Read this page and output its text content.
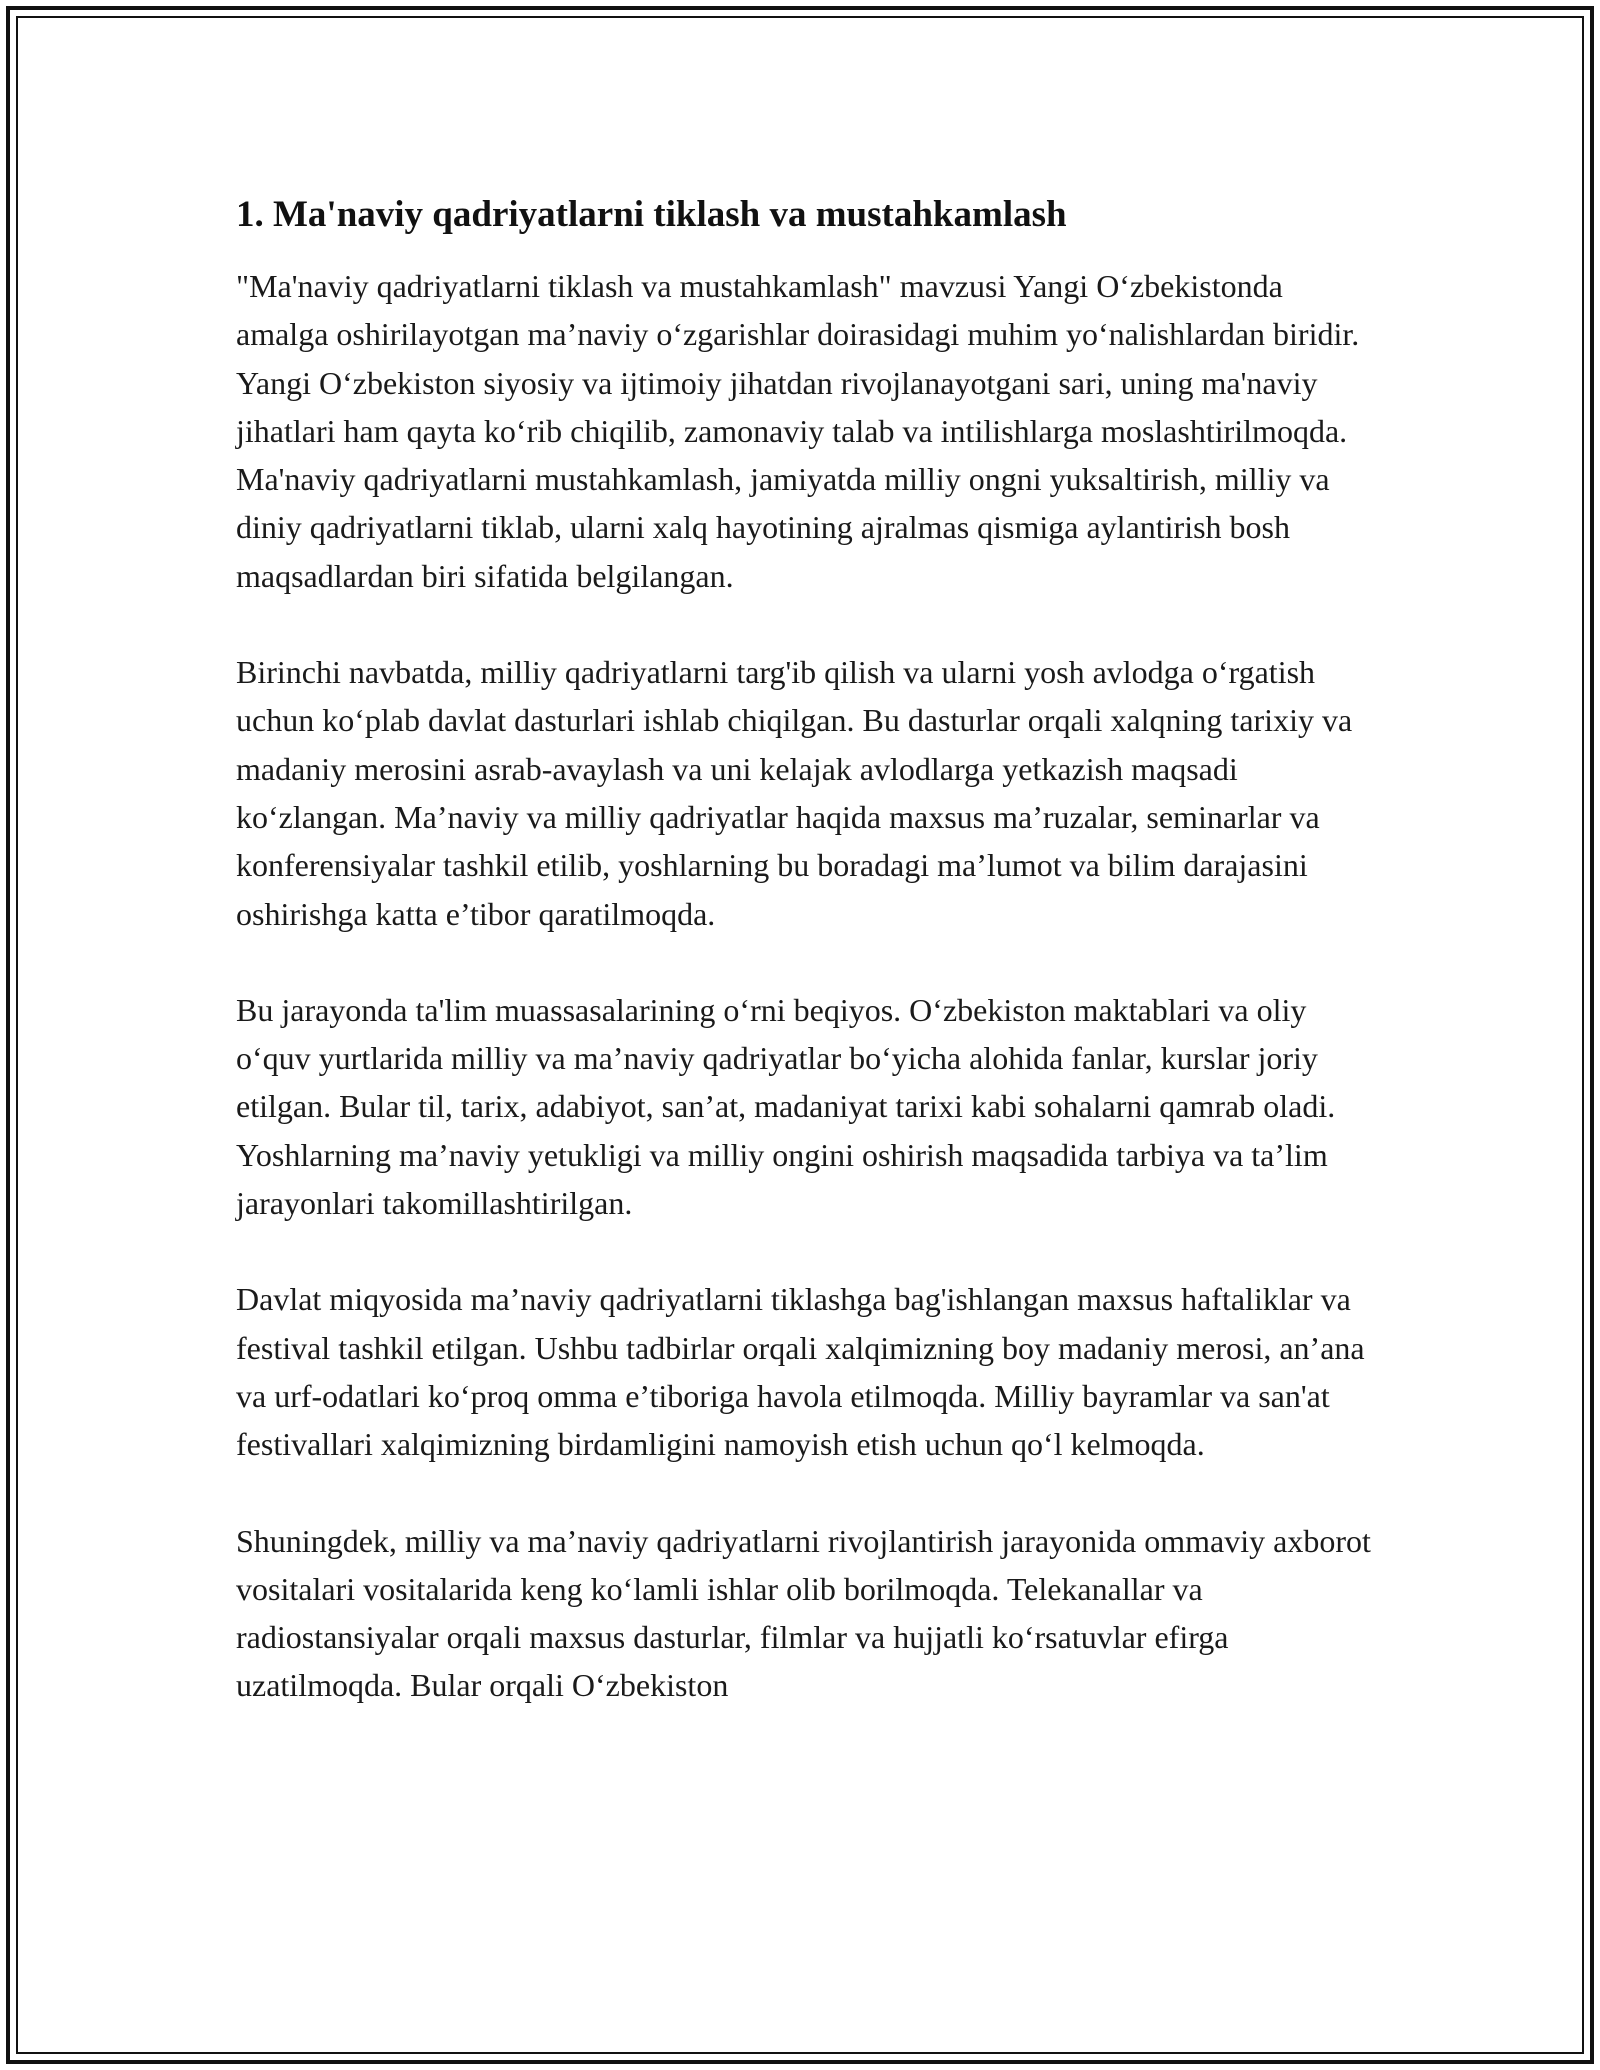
1. Ma'naviy qadriyatlarni tiklash va mustahkamlash

"Ma'naviy qadriyatlarni tiklash va mustahkamlash" mavzusi Yangi O‘zbekistonda amalga oshirilayotgan ma’naviy o‘zgarishlar doirasidagi muhim yo‘nalishlardan biridir. Yangi O‘zbekiston siyosiy va ijtimoiy jihatdan rivojlanayotgani sari, uning ma'naviy jihatlari ham qayta ko‘rib chiqilib, zamonaviy talab va intilishlarga moslashtirilmoqda. Ma'naviy qadriyatlarni mustahkamlash, jamiyatda milliy ongni yuksaltirish, milliy va diniy qadriyatlarni tiklab, ularni xalq hayotining ajralmas qismiga aylantirish bosh maqsadlardan biri sifatida belgilangan.

Birinchi navbatda, milliy qadriyatlarni targ'ib qilish va ularni yosh avlodga o‘rgatish uchun ko‘plab davlat dasturlari ishlab chiqilgan. Bu dasturlar orqali xalqning tarixiy va madaniy merosini asrab-avaylash va uni kelajak avlodlarga yetkazish maqsadi ko‘zlangan. Ma’naviy va milliy qadriyatlar haqida maxsus ma’ruzalar, seminarlar va konferensiyalar tashkil etilib, yoshlarning bu boradagi ma’lumot va bilim darajasini oshirishga katta e’tibor qaratilmoqda.

Bu jarayonda ta'lim muassasalarining o‘rni beqiyos. O‘zbekiston maktablari va oliy o‘quv yurtlarida milliy va ma’naviy qadriyatlar bo‘yicha alohida fanlar, kurslar joriy etilgan. Bular til, tarix, adabiyot, san’at, madaniyat tarixi kabi sohalarni qamrab oladi. Yoshlarning ma’naviy yetukligi va milliy ongini oshirish maqsadida tarbiya va ta’lim jarayonlari takomillashtirilgan.

Davlat miqyosida ma’naviy qadriyatlarni tiklashga bag'ishlangan maxsus haftaliklar va festival tashkil etilgan. Ushbu tadbirlar orqali xalqimizning boy madaniy merosi, an’ana va urf-odatlari ko‘proq omma e’tiboriga havola etilmoqda. Milliy bayramlar va san'at festivallari xalqimizning birdamligini namoyish etish uchun qo‘l kelmoqda.

Shuningdek, milliy va ma’naviy qadriyatlarni rivojlantirish jarayonida ommaviy axborot vositalari vositalarida keng ko‘lamli ishlar olib borilmoqda. Telekanallar va radiostansiyalar orqali maxsus dasturlar, filmlar va hujjatli ko‘rsatuvlar efirga uzatilmoqda. Bular orqali O‘zbekiston
